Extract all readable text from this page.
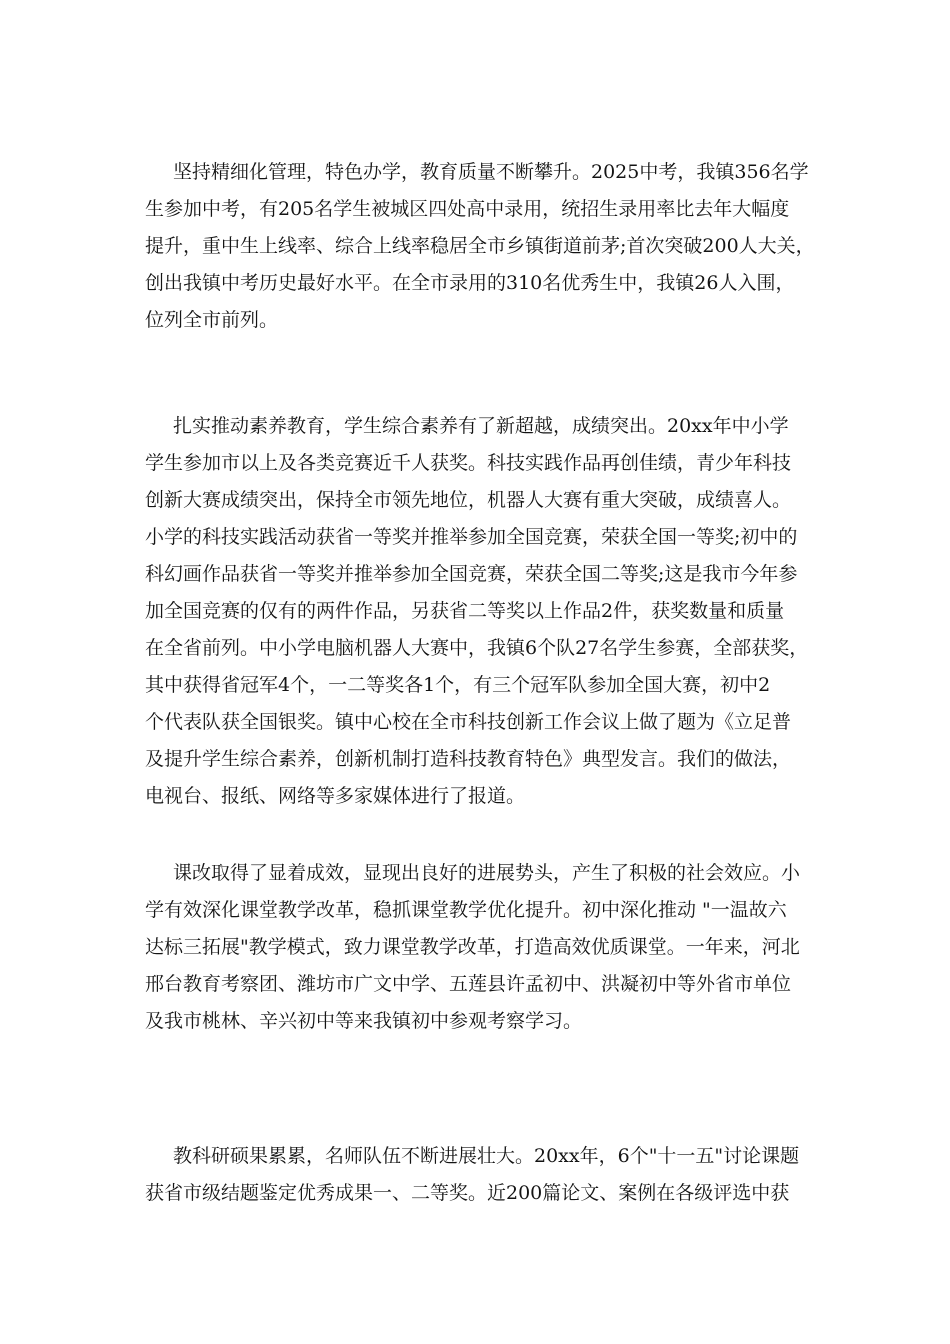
坚持精细化管理，特色办学，教育质量不断攀升。2025中考，我镇356名学
生参加中考，有205名学生被城区四处高中录用，统招生录用率比去年大幅度
提升，重中生上线率、综合上线率稳居全市乡镇街道前茅;首次突破200人大关，
创出我镇中考历史最好水平。在全市录用的310名优秀生中，我镇26人入围，
位列全市前列。
扎实推动素养教育，学生综合素养有了新超越，成绩突出。20xx年中小学
学生参加市以上及各类竞赛近千人获奖。科技实践作品再创佳绩，青少年科技
创新大赛成绩突出，保持全市领先地位，机器人大赛有重大突破，成绩喜人。
小学的科技实践活动获省一等奖并推举参加全国竞赛，荣获全国一等奖;初中的
科幻画作品获省一等奖并推举参加全国竞赛，荣获全国二等奖;这是我市今年参
加全国竞赛的仅有的两件作品，另获省二等奖以上作品2件，获奖数量和质量
在全省前列。中小学电脑机器人大赛中，我镇6个队27名学生参赛，全部获奖，
其中获得省冠军4个，一二等奖各1个，有三个冠军队参加全国大赛，初中2
个代表队获全国银奖。镇中心校在全市科技创新工作会议上做了题为《立足普
及提升学生综合素养，创新机制打造科技教育特色》典型发言。我们的做法，
电视台、报纸、网络等多家媒体进行了报道。
课改取得了显着成效，显现出良好的进展势头，产生了积极的社会效应。小
学有效深化课堂教学改革，稳抓课堂教学优化提升。初中深化推动 "一温故六
达标三拓展"教学模式，致力课堂教学改革，打造高效优质课堂。一年来，河北
邢台教育考察团、潍坊市广文中学、五莲县许孟初中、洪凝初中等外省市单位
及我市桃林、辛兴初中等来我镇初中参观考察学习。
教科研硕果累累，名师队伍不断进展壮大。20xx年，6个"十一五"讨论课题
获省市级结题鉴定优秀成果一、二等奖。近200篇论文、案例在各级评选中获
